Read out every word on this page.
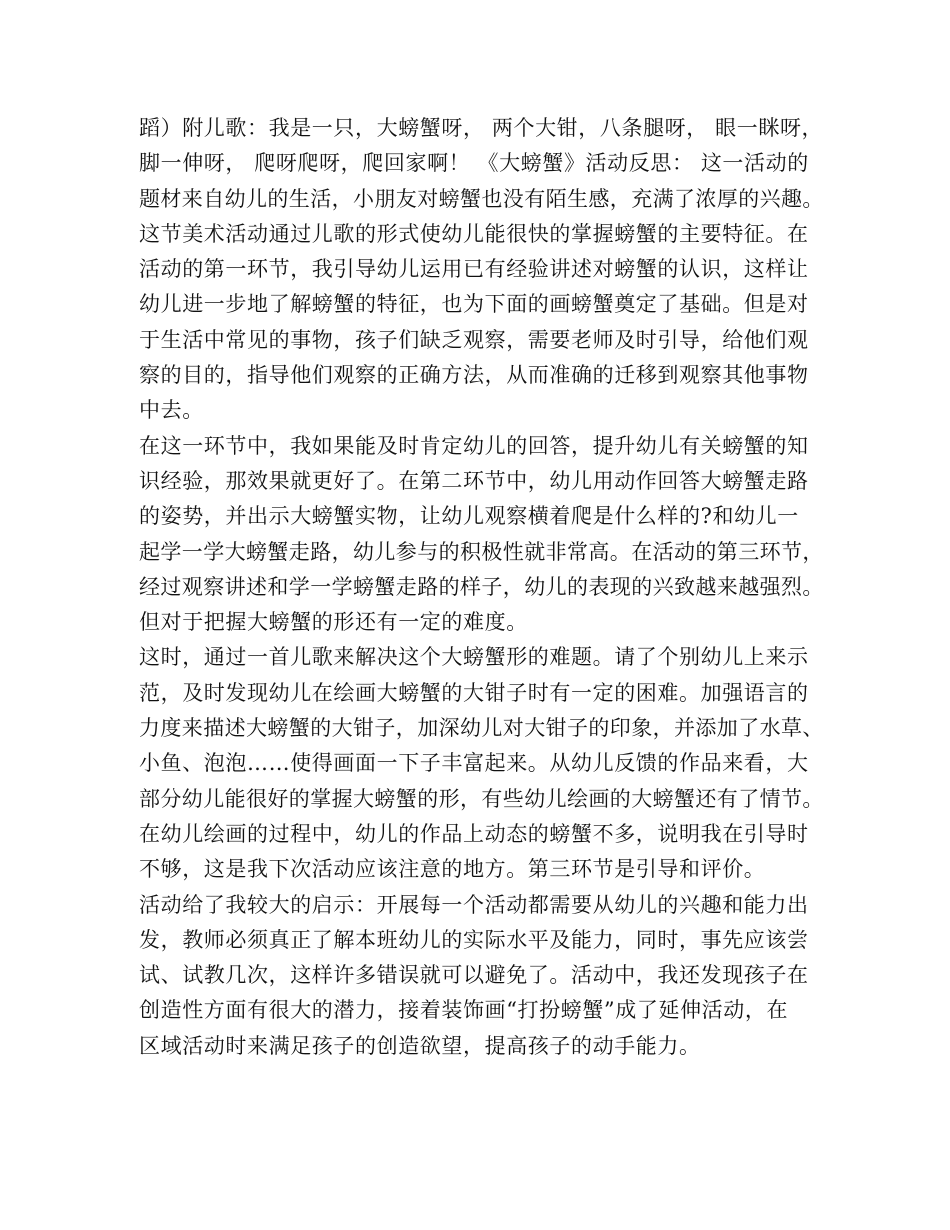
蹈）附儿歌：我是一只，大螃蟹呀， 两个大钳，八条腿呀， 眼一眯呀，
脚一伸呀， 爬呀爬呀，爬回家啊！ 《大螃蟹》活动反思： 这一活动的
题材来自幼儿的生活，小朋友对螃蟹也没有陌生感，充满了浓厚的兴趣。
这节美术活动通过儿歌的形式使幼儿能很快的掌握螃蟹的主要特征。在
活动的第一环节，我引导幼儿运用已有经验讲述对螃蟹的认识，这样让
幼儿进一步地了解螃蟹的特征，也为下面的画螃蟹奠定了基础。但是对
于生活中常见的事物，孩子们缺乏观察，需要老师及时引导，给他们观
察的目的，指导他们观察的正确方法，从而准确的迁移到观察其他事物
中去。
在这一环节中，我如果能及时肯定幼儿的回答，提升幼儿有关螃蟹的知
识经验，那效果就更好了。在第二环节中，幼儿用动作回答大螃蟹走路
的姿势，并出示大螃蟹实物，让幼儿观察横着爬是什么样的?和幼儿一
起学一学大螃蟹走路，幼儿参与的积极性就非常高。在活动的第三环节，
经过观察讲述和学一学螃蟹走路的样子，幼儿的表现的兴致越来越强烈。
但对于把握大螃蟹的形还有一定的难度。
这时，通过一首儿歌来解决这个大螃蟹形的难题。请了个别幼儿上来示
范，及时发现幼儿在绘画大螃蟹的大钳子时有一定的困难。加强语言的
力度来描述大螃蟹的大钳子，加深幼儿对大钳子的印象，并添加了水草、
小鱼、泡泡……使得画面一下子丰富起来。从幼儿反馈的作品来看，大
部分幼儿能很好的掌握大螃蟹的形，有些幼儿绘画的大螃蟹还有了情节。
在幼儿绘画的过程中，幼儿的作品上动态的螃蟹不多，说明我在引导时
不够，这是我下次活动应该注意的地方。第三环节是引导和评价。
活动给了我较大的启示：开展每一个活动都需要从幼儿的兴趣和能力出
发，教师必须真正了解本班幼儿的实际水平及能力，同时，事先应该尝
试、试教几次，这样许多错误就可以避免了。活动中，我还发现孩子在
创造性方面有很大的潜力，接着装饰画“打扮螃蟹”成了延伸活动，在
区域活动时来满足孩子的创造欲望，提高孩子的动手能力。
